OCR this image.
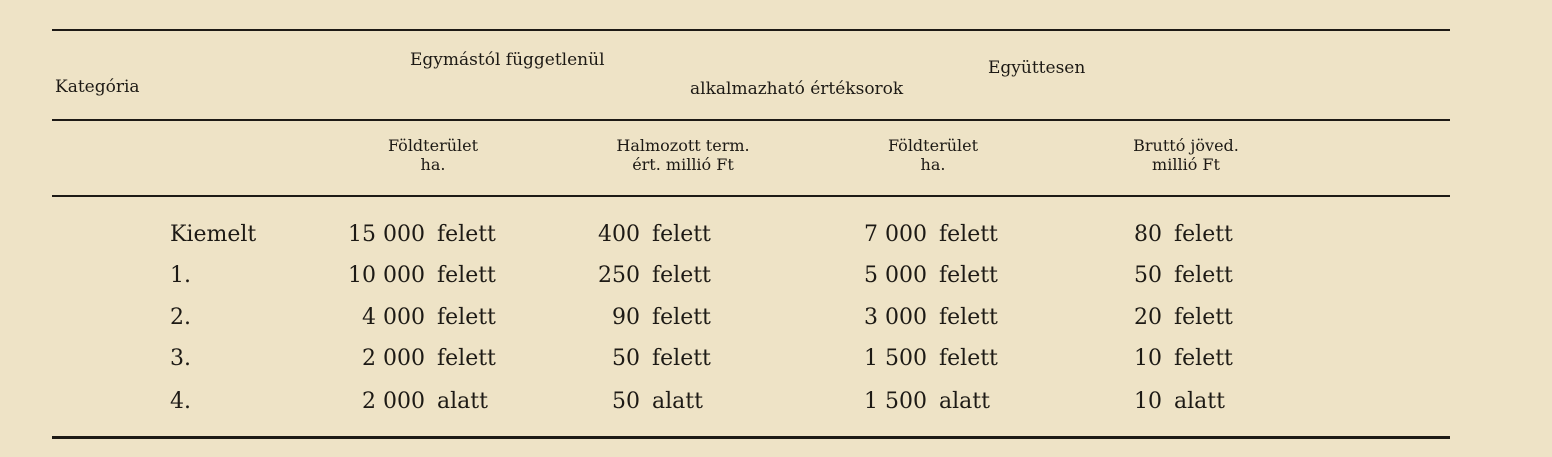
Kategória
Egymástól függetlenül
alkalmazható értéksorok
Együttesen
Földterület
ha.
Halmozott term.
ért. millió Ft
Földterület
ha.
Bruttó jöved.
millió Ft
Kiemelt	15 000 felett	400 felett	7 000 felett	80 felett
1.	10 000 felett	250 felett	5 000 felett	50 felett
2.	4 000 felett	90 felett	3 000 felett	20 felett
3.	2 000 felett	50 felett	1 500 felett	10 felett
4.	2 000 alatt	50 alatt	1 500 alatt	10 alatt
